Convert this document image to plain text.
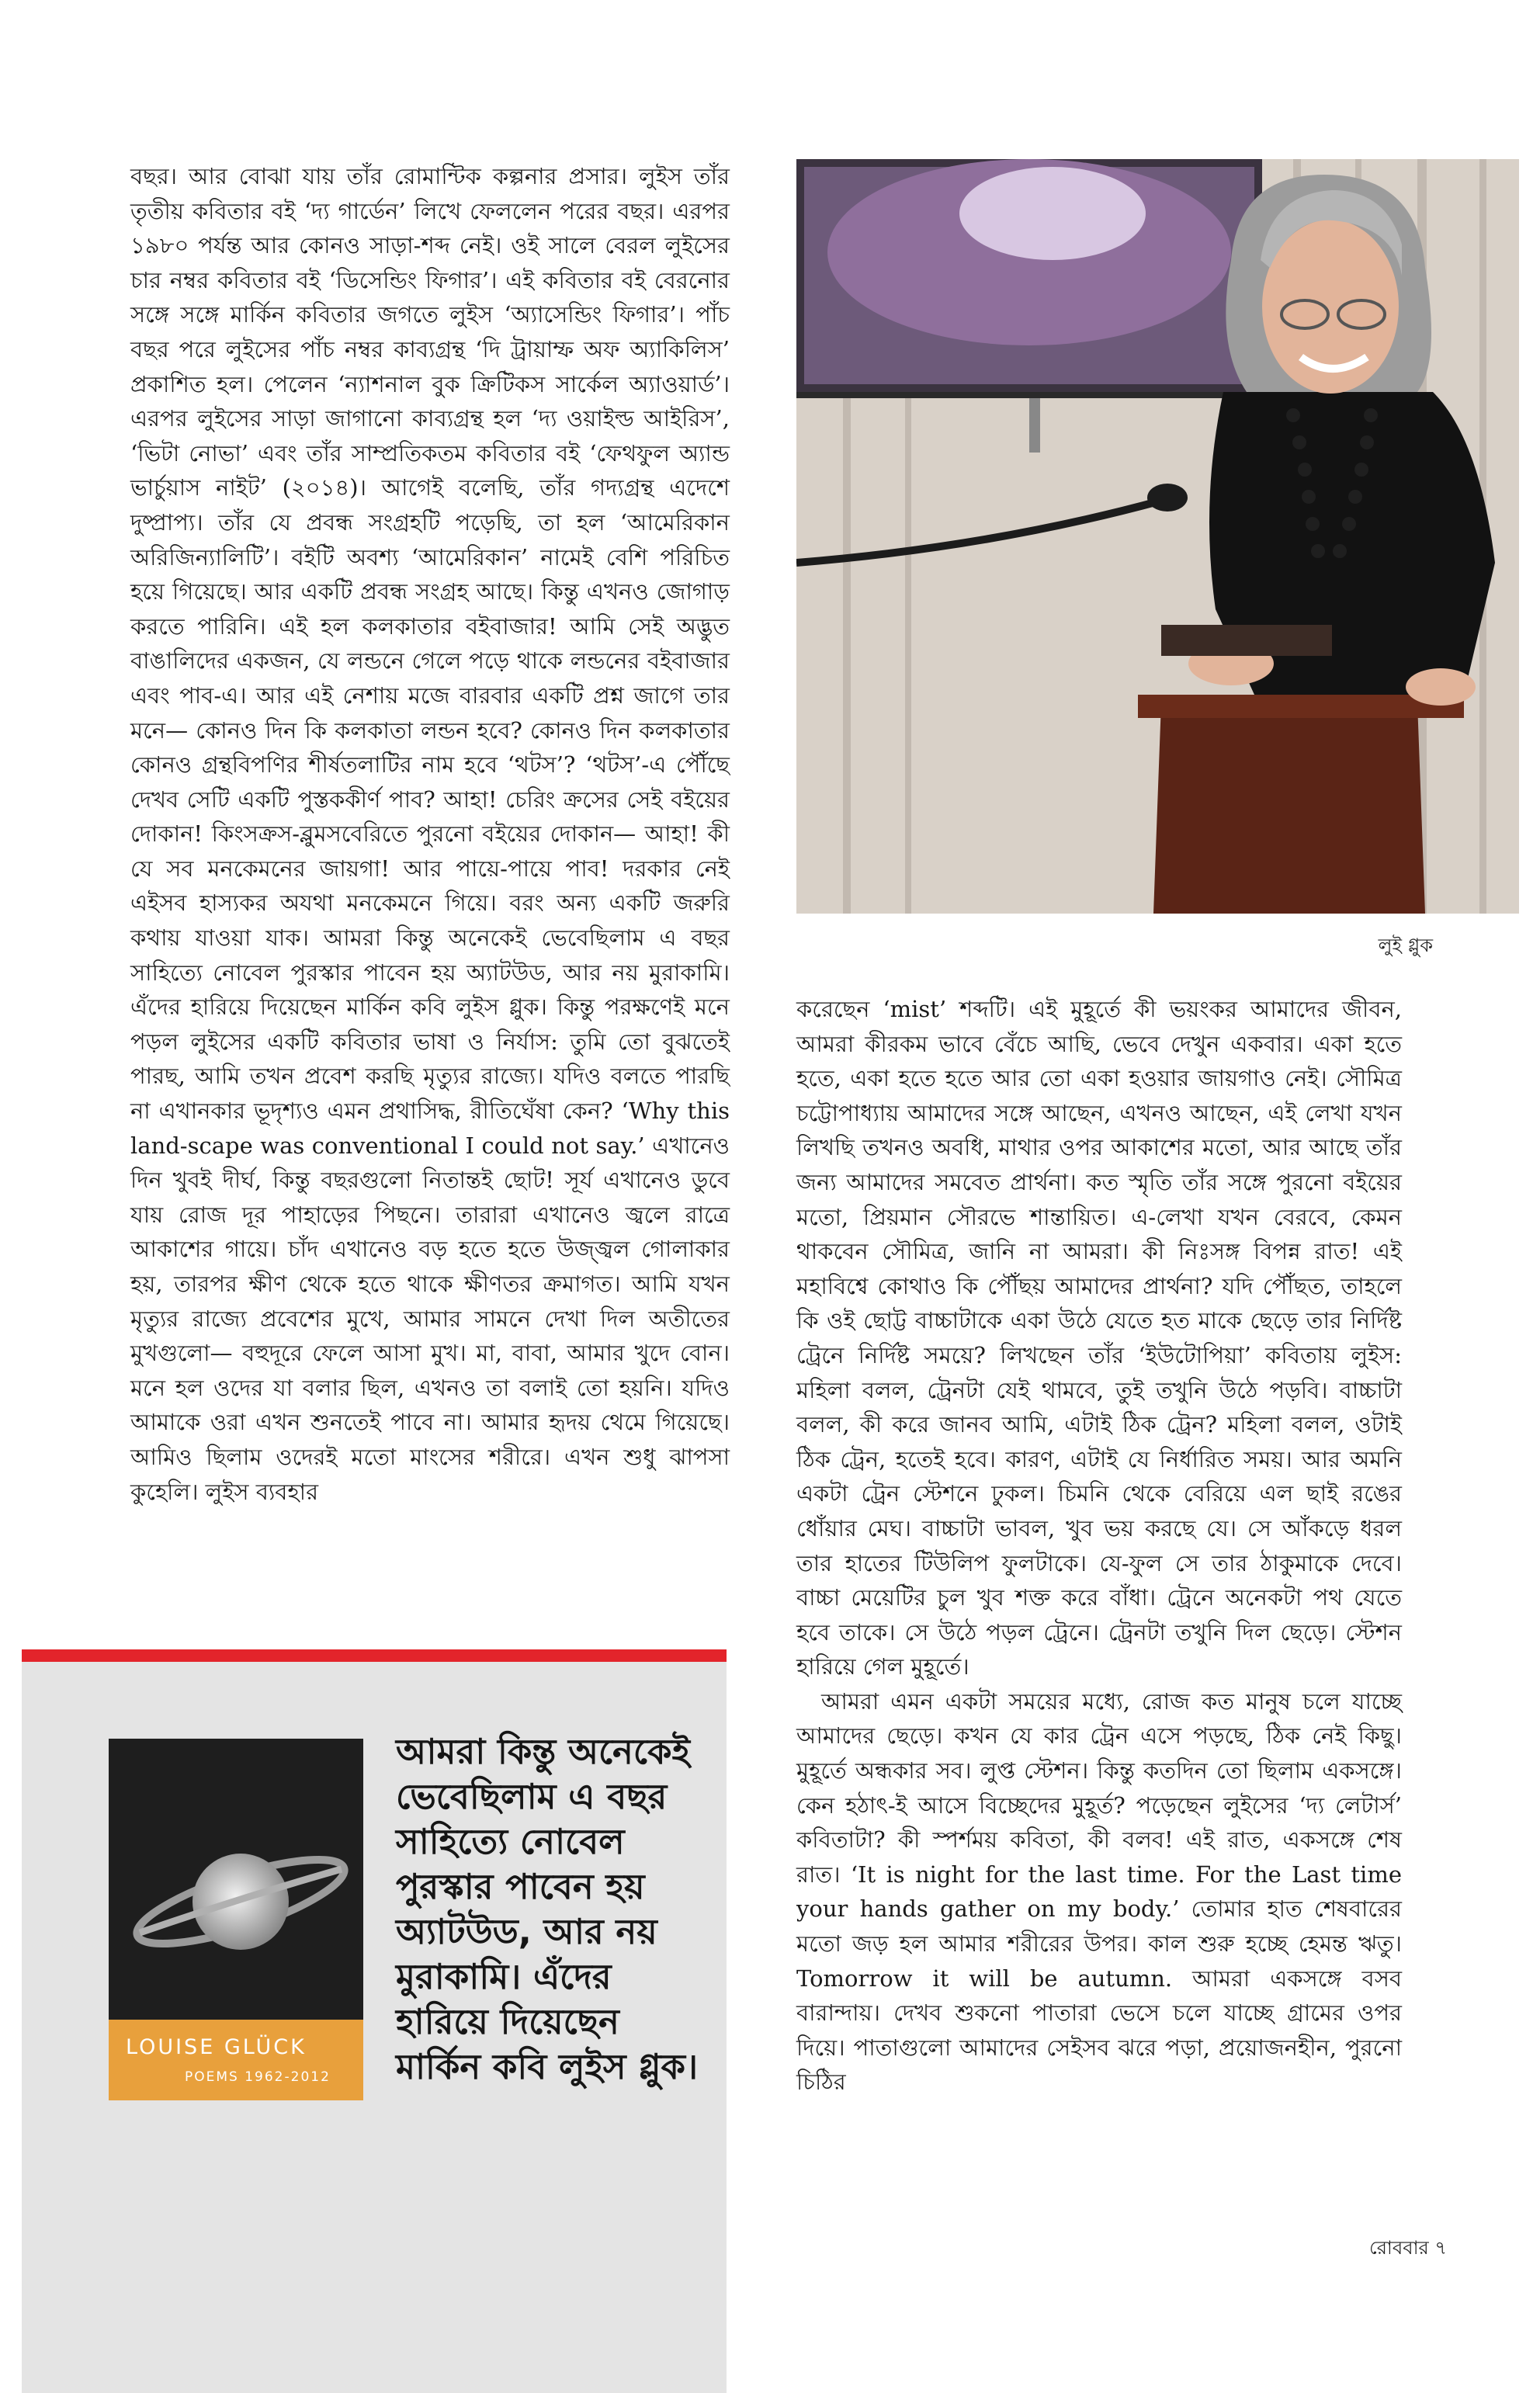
বছর। আর বোঝা যায় তাঁর রোমান্টিক কল্পনার প্রসার। লুইস তাঁর তৃতীয় কবিতার বই ‘দ্য গার্ডেন’ লিখে ফেললেন পরের বছর। এরপর ১৯৮০ পর্যন্ত আর কোনও সাড়া-শব্দ নেই। ওই সালে বেরল লুইসের চার নম্বর কবিতার বই ‘ডিসেন্ডিং ফিগার’। এই কবিতার বই বেরনোর সঙ্গে সঙ্গে মার্কিন কবিতার জগতে লুইস ‘অ্যাসেন্ডিং ফিগার’। পাঁচ বছর পরে লুইসের পাঁচ নম্বর কাব্যগ্রন্থ ‘দি ট্রায়াম্ফ অফ অ্যাকিলিস’ প্রকাশিত হল। পেলেন ‘ন্যাশনাল বুক ক্রিটিকস সার্কেল অ্যাওয়ার্ড’। এরপর লুইসের সাড়া জাগানো কাব্যগ্রন্থ হল ‘দ্য ওয়াইল্ড আইরিস’, ‘ভিটা নোভা’ এবং তাঁর সাম্প্রতিকতম কবিতার বই ‘ফেথফুল অ্যান্ড ভার্চুয়াস নাইট’ (২০১৪)। আগেই বলেছি, তাঁর গদ্যগ্রন্থ এদেশে দুষ্প্রাপ্য। তাঁর যে প্রবন্ধ সংগ্রহটি পড়েছি, তা হল ‘আমেরিকান অরিজিন্যালিটি’। বইটি অবশ্য ‘আমেরিকান’ নামেই বেশি পরিচিত হয়ে গিয়েছে। আর একটি প্রবন্ধ সংগ্রহ আছে। কিন্তু এখনও জোগাড় করতে পারিনি। এই হল কলকাতার বইবাজার! আমি সেই অদ্ভুত বাঙালিদের একজন, যে লন্ডনে গেলে পড়ে থাকে লন্ডনের বইবাজার এবং পাব-এ। আর এই নেশায় মজে বারবার একটি প্রশ্ন জাগে তার মনে— কোনও দিন কি কলকাতা লন্ডন হবে? কোনও দিন কলকাতার কোনও গ্রন্থবিপণির শীর্ষতলাটির নাম হবে ‘থটস’? ‘থটস’-এ পৌঁছে দেখব সেটি একটি পুস্তককীর্ণ পাব? আহা! চেরিং ক্রসের সেই বইয়ের দোকান! কিংসক্রস-ব্লুমসবেরিতে পুরনো বইয়ের দোকান— আহা! কী যে সব মনকেমনের জায়গা! আর পায়ে-পায়ে পাব! দরকার নেই এইসব হাস্যকর অযথা মনকেমনে গিয়ে। বরং অন্য একটি জরুরি কথায় যাওয়া যাক। আমরা কিন্তু অনেকেই ভেবেছিলাম এ বছর সাহিত্যে নোবেল পুরস্কার পাবেন হয় অ্যাটউড, আর নয় মুরাকামি। এঁদের হারিয়ে দিয়েছেন মার্কিন কবি লুইস গ্লুক। কিন্তু পরক্ষণেই মনে পড়ল লুইসের একটি কবিতার ভাষা ও নির্যাস: তুমি তো বুঝতেই পারছ, আমি তখন প্রবেশ করছি মৃত্যুর রাজ্যে। যদিও বলতে পারছি না এখানকার ভূদৃশ্যও এমন প্রথাসিদ্ধ, রীতিঘেঁষা কেন? ‘Why this land-scape was conventional I could not say.’ এখানেও দিন খুবই দীর্ঘ, কিন্তু বছরগুলো নিতান্তই ছোট! সূর্য এখানেও ডুবে যায় রোজ দূর পাহাড়ের পিছনে। তারারা এখানেও জ্বলে রাত্রে আকাশের গায়ে। চাঁদ এখানেও বড় হতে হতে উজ্জ্বল গোলাকার হয়, তারপর ক্ষীণ থেকে হতে থাকে ক্ষীণতর ক্রমাগত। আমি যখন মৃত্যুর রাজ্যে প্রবেশের মুখে, আমার সামনে দেখা দিল অতীতের মুখগুলো— বহুদূরে ফেলে আসা মুখ। মা, বাবা, আমার খুদে বোন। মনে হল ওদের যা বলার ছিল, এখনও তা বলাই তো হয়নি। যদিও আমাকে ওরা এখন শুনতেই পাবে না। আমার হৃদয় থেমে গিয়েছে। আমিও ছিলাম ওদেরই মতো মাংসের শরীরে। এখন শুধু ঝাপসা কুহেলি। লুইস ব্যবহার

লুই গ্লুক

করেছেন ‘mist’ শব্দটি। এই মুহূর্তে কী ভয়ংকর আমাদের জীবন, আমরা কীরকম ভাবে বেঁচে আছি, ভেবে দেখুন একবার। একা হতে হতে, একা হতে হতে আর তো একা হওয়ার জায়গাও নেই। সৌমিত্র চট্টোপাধ্যায় আমাদের সঙ্গে আছেন, এখনও আছেন, এই লেখা যখন লিখছি তখনও অবধি, মাথার ওপর আকাশের মতো, আর আছে তাঁর জন্য আমাদের সমবেত প্রার্থনা। কত স্মৃতি তাঁর সঙ্গে পুরনো বইয়ের মতো, প্রিয়মান সৌরভে শান্তায়িত। এ-লেখা যখন বেরবে, কেমন থাকবেন সৌমিত্র, জানি না আমরা। কী নিঃসঙ্গ বিপন্ন রাত! এই মহাবিশ্বে কোথাও কি পৌঁছয় আমাদের প্রার্থনা? যদি পৌঁছত, তাহলে কি ওই ছোট্ট বাচ্চাটাকে একা উঠে যেতে হত মাকে ছেড়ে তার নির্দিষ্ট ট্রেনে নির্দিষ্ট সময়ে? লিখছেন তাঁর ‘ইউটোপিয়া’ কবিতায় লুইস: মহিলা বলল, ট্রেনটা যেই থামবে, তুই তখুনি উঠে পড়বি। বাচ্চাটা বলল, কী করে জানব আমি, এটাই ঠিক ট্রেন? মহিলা বলল, ওটাই ঠিক ট্রেন, হতেই হবে। কারণ, এটাই যে নির্ধারিত সময়। আর অমনি একটা ট্রেন স্টেশনে ঢুকল। চিমনি থেকে বেরিয়ে এল ছাই রঙের ধোঁয়ার মেঘ। বাচ্চাটা ভাবল, খুব ভয় করছে যে। সে আঁকড়ে ধরল তার হাতের টিউলিপ ফুলটাকে। যে-ফুল সে তার ঠাকুমাকে দেবে। বাচ্চা মেয়েটির চুল খুব শক্ত করে বাঁধা। ট্রেনে অনেকটা পথ যেতে হবে তাকে। সে উঠে পড়ল ট্রেনে। ট্রেনটা তখুনি দিল ছেড়ে। স্টেশন হারিয়ে গেল মুহূর্তে।

আমরা এমন একটা সময়ের মধ্যে, রোজ কত মানুষ চলে যাচ্ছে আমাদের ছেড়ে। কখন যে কার ট্রেন এসে পড়ছে, ঠিক নেই কিছু। মুহূর্তে অন্ধকার সব। লুপ্ত স্টেশন। কিন্তু কতদিন তো ছিলাম একসঙ্গে। কেন হঠাৎ-ই আসে বিচ্ছেদের মুহূর্ত? পড়েছেন লুইসের ‘দ্য লেটার্স’ কবিতাটা? কী স্পর্শময় কবিতা, কী বলব! এই রাত, একসঙ্গে শেষ রাত। ‘It is night for the last time. For the Last time your hands gather on my body.’ তোমার হাত শেষবারের মতো জড় হল আমার শরীরের উপর। কাল শুরু হচ্ছে হেমন্ত ঋতু। Tomorrow it will be autumn. আমরা একসঙ্গে বসব বারান্দায়। দেখব শুকনো পাতারা ভেসে চলে যাচ্ছে গ্রামের ওপর দিয়ে। পাতাগুলো আমাদের সেইসব ঝরে পড়া, প্রয়োজনহীন, পুরনো চিঠির

LOUISE GLÜCK
POEMS 1962-2012
আমরা কিন্তু অনেকেই ভেবেছিলাম এ বছর সাহিত্যে নোবেল পুরস্কার পাবেন হয় অ্যাটউড, আর নয় মুরাকামি। এঁদের হারিয়ে দিয়েছেন মার্কিন কবি লুইস গ্লুক।
রোববার ৭
